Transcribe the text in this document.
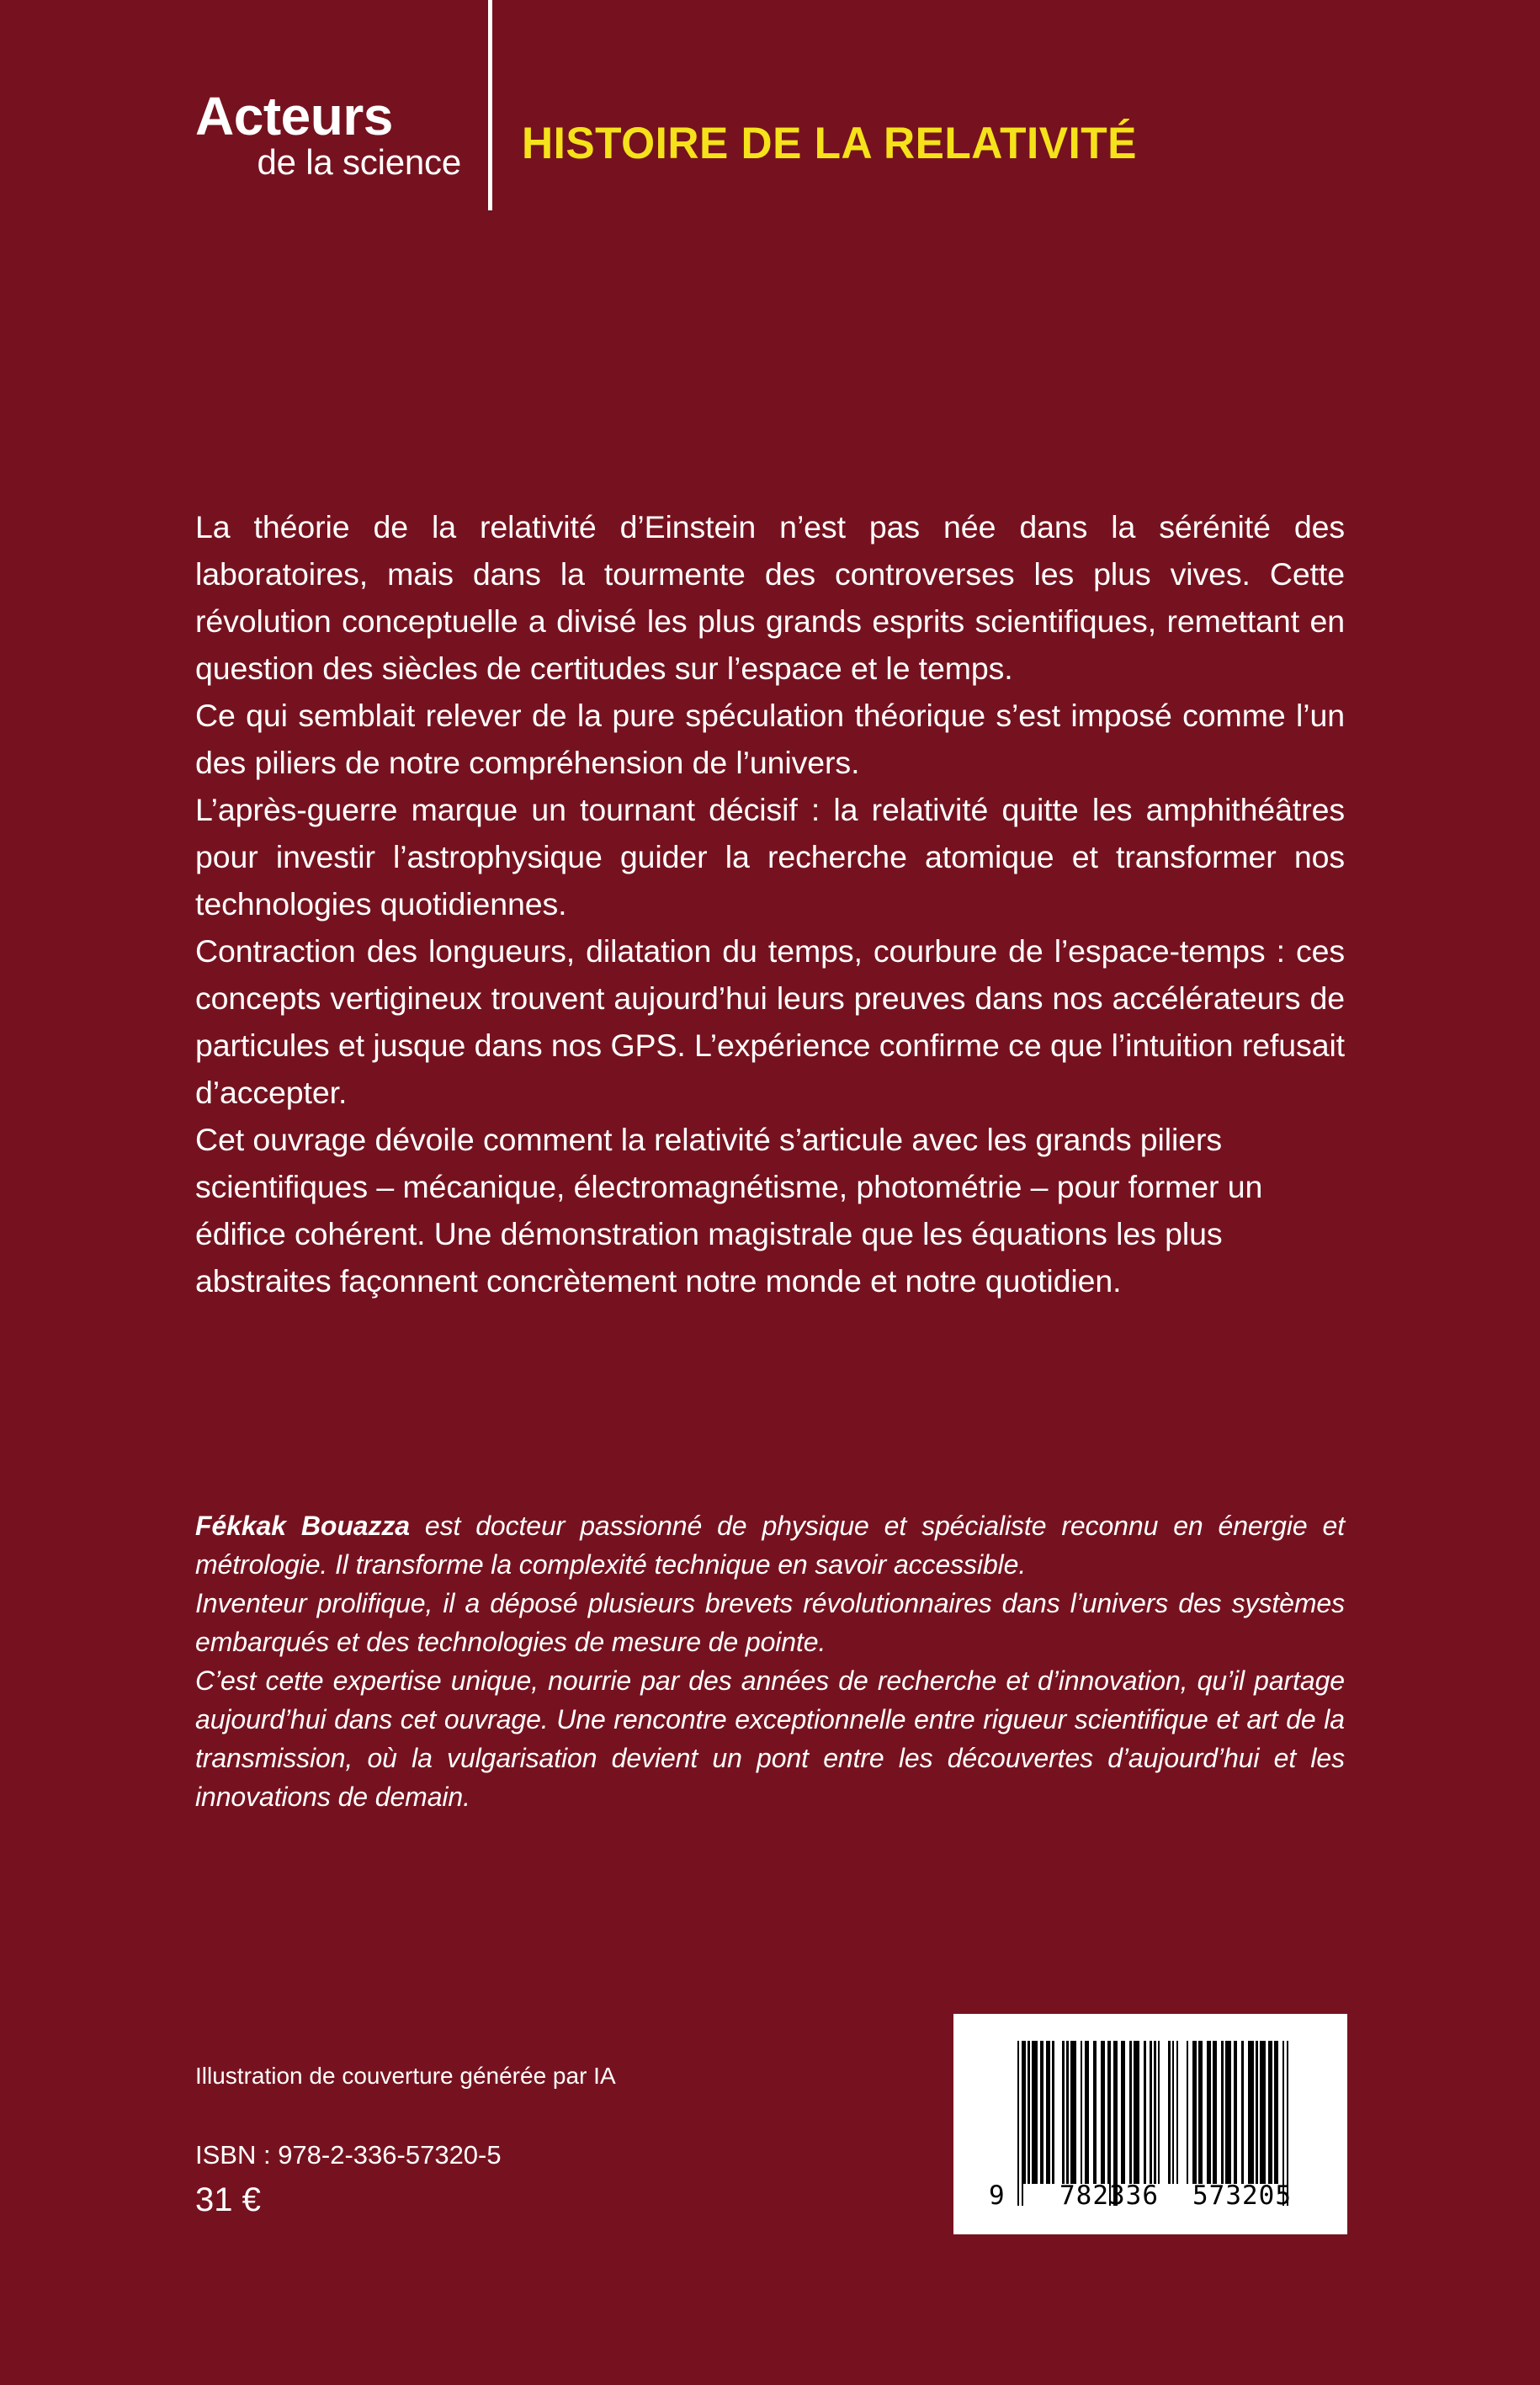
Acteurs
de la science HISTOIRE DE LA RELATIVITÉ

La théorie de la relativité d’Einstein n’est pas née dans la sérénité des laboratoires, mais dans la tourmente des controverses les plus vives. Cette révolution conceptuelle a divisé les plus grands esprits scientifiques, remettant en question des siècles de certitudes sur l’espace et le temps.

Ce qui semblait relever de la pure spéculation théorique s’est imposé comme l’un des piliers de notre compréhension de l’univers.

L’après-guerre marque un tournant décisif : la relativité quitte les amphithéâtres pour investir l’astrophysique guider la recherche atomique et transformer nos technologies quotidiennes.

Contraction des longueurs, dilatation du temps, courbure de l’espace-temps : ces concepts vertigineux trouvent aujourd’hui leurs preuves dans nos accélérateurs de particules et jusque dans nos GPS. L’expérience confirme ce que l’intuition refusait d’accepter.

Cet ouvrage dévoile comment la relativité s’articule avec les grands piliers scientifiques – mécanique, électromagnétisme, photométrie – pour former un édifice cohérent. Une démonstration magistrale que les équations les plus abstraites façonnent concrètement notre monde et notre quotidien.

Fékkak Bouazza est docteur passionné de physique et spécialiste reconnu en énergie et métrologie. Il transforme la complexité technique en savoir accessible.

Inventeur prolifique, il a déposé plusieurs brevets révolutionnaires dans l’univers des systèmes embarqués et des technologies de mesure de pointe.

C’est cette expertise unique, nourrie par des années de recherche et d’innovation, qu’il partage aujourd’hui dans cet ouvrage. Une rencontre exceptionnelle entre rigueur scientifique et art de la transmission, où la vulgarisation devient un pont entre les découvertes d’aujourd’hui et les innovations de demain.

Illustration de couverture générée par IA

ISBN : 978-2-336-57320-5

31 €	9 782336 573205
